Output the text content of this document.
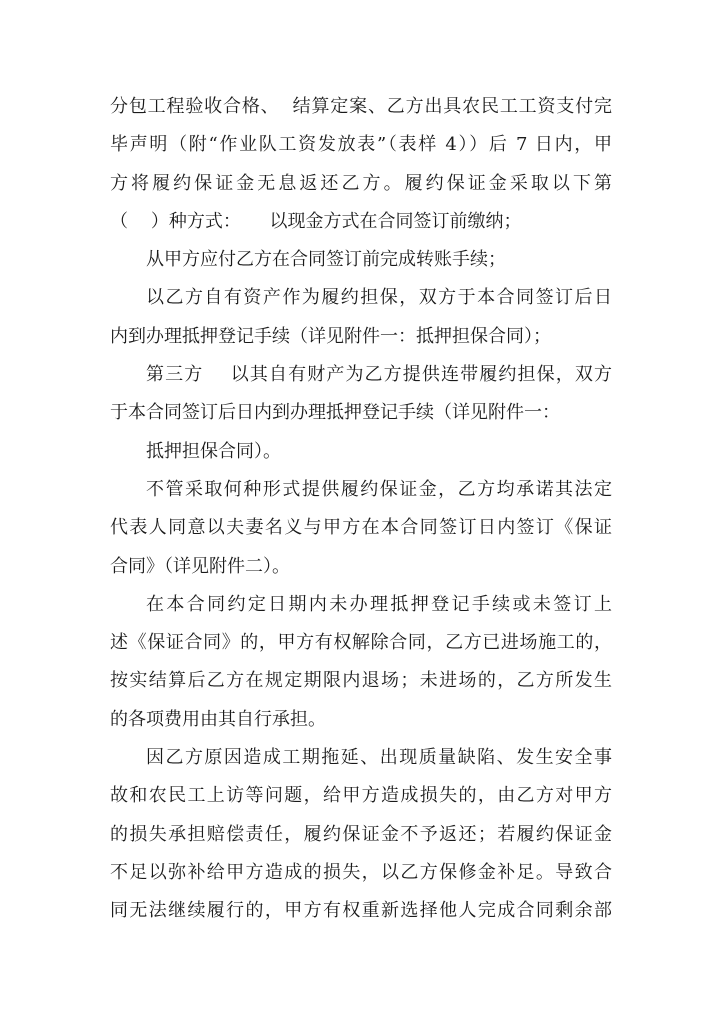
分包工程验收合格、  结算定案、乙方出具农民工工资支付完
毕声明（附“作业队工资发放表”（表样 4））后 7 日内，甲
方将履约保证金无息返还乙方。履约保证金采取以下第
（    ）种方式：     以现金方式在合同签订前缴纳；
从甲方应付乙方在合同签订前完成转账手续；
以乙方自有资产作为履约担保，双方于本合同签订后日
内到办理抵押登记手续（详见附件一：抵押担保合同）；
第三方    以其自有财产为乙方提供连带履约担保，双方
于本合同签订后日内到办理抵押登记手续（详见附件一：
抵押担保合同）。
不管采取何种形式提供履约保证金，乙方均承诺其法定
代表人同意以夫妻名义与甲方在本合同签订日内签订《保证
合同》（详见附件二）。
在本合同约定日期内未办理抵押登记手续或未签订上
述《保证合同》的，甲方有权解除合同，乙方已进场施工的，
按实结算后乙方在规定期限内退场；未进场的，乙方所发生
的各项费用由其自行承担。
因乙方原因造成工期拖延、出现质量缺陷、发生安全事
故和农民工上访等问题，给甲方造成损失的，由乙方对甲方
的损失承担赔偿责任，履约保证金不予返还；若履约保证金
不足以弥补给甲方造成的损失，以乙方保修金补足。导致合
同无法继续履行的，甲方有权重新选择他人完成合同剩余部
